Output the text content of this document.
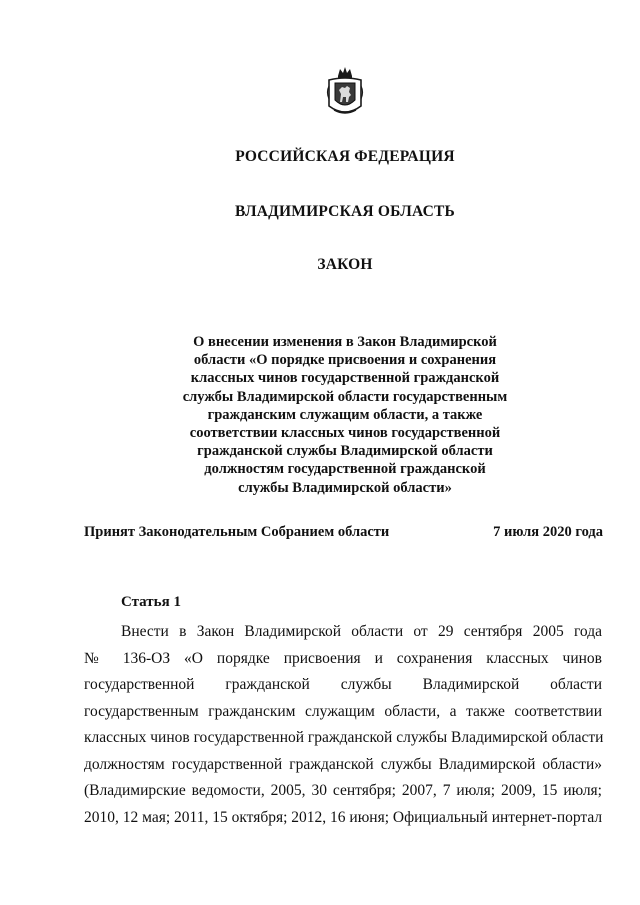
РОССИЙСКАЯ ФЕДЕРАЦИЯ
ВЛАДИМИРСКАЯ ОБЛАСТЬ
ЗАКОН
О внесении изменения в Закон Владимирской
области «О порядке присвоения и сохранения
классных чинов государственной гражданской
службы Владимирской области государственным
гражданским служащим области, а также
соответствии классных чинов государственной
гражданской службы Владимирской области
должностям государственной гражданской
службы Владимирской области»
Принят Законодательным Собранием области	7 июля 2020 года
Статья 1
Внести в Закон Владимирской области от 29 сентября 2005 года
№ 136-ОЗ «О порядке присвоения и сохранения классных чинов
государственной гражданской службы Владимирской области
государственным гражданским служащим области, а также соответствии
классных чинов государственной гражданской службы Владимирской области
должностям государственной гражданской службы Владимирской области»
(Владимирские ведомости, 2005, 30 сентября; 2007, 7 июля; 2009, 15 июля;
2010, 12 мая; 2011, 15 октября; 2012, 16 июня; Официальный интернет-портал
